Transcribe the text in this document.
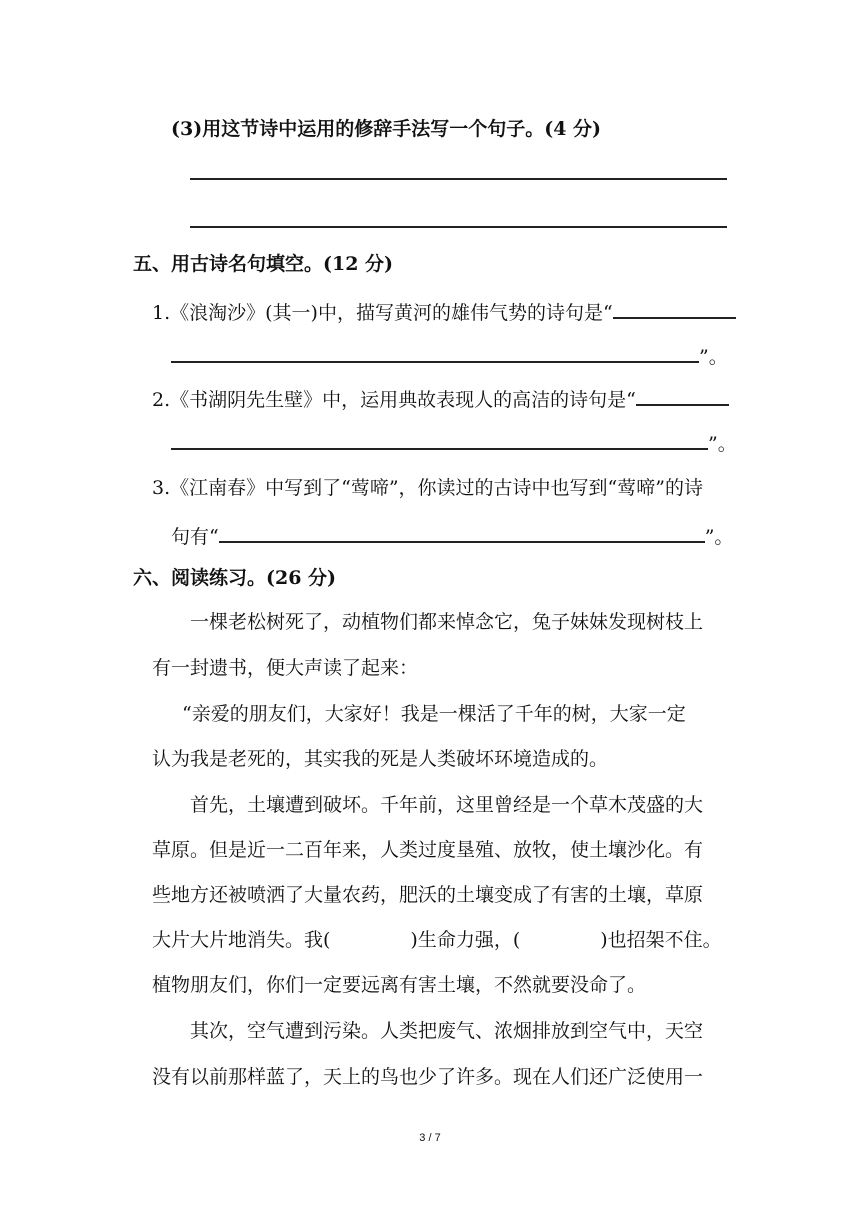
(3)用这节诗中运用的修辞手法写一个句子。(4 分)
五、用古诗名句填空。(12 分)
1.《浪淘沙》(其一)中，描写黄河的雄伟气势的诗句是“
”。
2.《书湖阴先生壁》中，运用典故表现人的高洁的诗句是“
”。
3.《江南春》中写到了“莺啼”，你读过的古诗中也写到“莺啼”的诗
句有“	”。
六、阅读练习。(26 分)
一棵老松树死了，动植物们都来悼念它，兔子妹妹发现树枝上
有一封遗书，便大声读了起来：
“亲爱的朋友们，大家好！我是一棵活了千年的树，大家一定
认为我是老死的，其实我的死是人类破坏环境造成的。
首先，土壤遭到破坏。千年前，这里曾经是一个草木茂盛的大
草原。但是近一二百年来，人类过度垦殖、放牧，使土壤沙化。有
些地方还被喷洒了大量农药，肥沃的土壤变成了有害的土壤，草原
大片大片地消失。我(	)生命力强，(	)也招架不住。
植物朋友们，你们一定要远离有害土壤，不然就要没命了。
其次，空气遭到污染。人类把废气、浓烟排放到空气中，天空
没有以前那样蓝了，天上的鸟也少了许多。现在人们还广泛使用一
3 / 7
